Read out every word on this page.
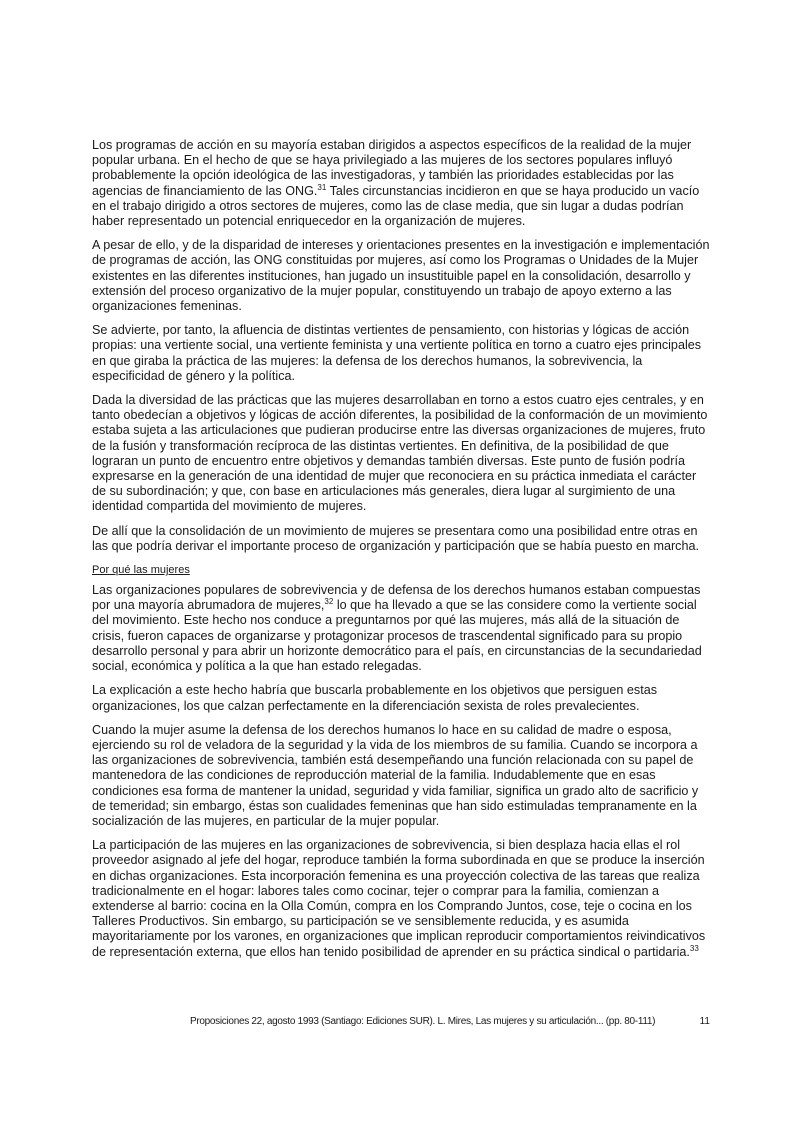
Los programas de acción en su mayoría estaban dirigidos a aspectos específicos de la realidad de la mujer popular urbana. En el hecho de que se haya privilegiado a las mujeres de los sectores populares influyó probablemente la opción ideológica de las investigadoras, y también las prioridades establecidas por las agencias de financiamiento de las ONG.$^{31}$ Tales circunstancias incidieron en que se haya producido un vacío en el trabajo dirigido a otros sectores de mujeres, como las de clase media, que sin lugar a dudas podrían haber representado un potencial enriquecedor en la organización de mujeres.

A pesar de ello, y de la disparidad de intereses y orientaciones presentes en la investigación e implementación de programas de acción, las ONG constituidas por mujeres, así como los Programas o Unidades de la Mujer existentes en las diferentes instituciones, han jugado un insustituible papel en la consolidación, desarrollo y extensión del proceso organizativo de la mujer popular, constituyendo un trabajo de apoyo externo a las organizaciones femeninas.

Se advierte, por tanto, la afluencia de distintas vertientes de pensamiento, con historias y lógicas de acción propias: una vertiente social, una vertiente feminista y una vertiente política en torno a cuatro ejes principales en que giraba la práctica de las mujeres: la defensa de los derechos humanos, la sobrevivencia, la especificidad de género y la política.

Dada la diversidad de las prácticas que las mujeres desarrollaban en torno a estos cuatro ejes centrales, y en tanto obedecían a objetivos y lógicas de acción diferentes, la posibilidad de la conformación de un movimiento estaba sujeta a las articulaciones que pudieran producirse entre las diversas organizaciones de mujeres, fruto de la fusión y transformación recíproca de las distintas vertientes. En definitiva, de la posibilidad de que lograran un punto de encuentro entre objetivos y demandas también diversas. Este punto de fusión podría expresarse en la generación de una identidad de mujer que reconociera en su práctica inmediata el carácter de su subordinación; y que, con base en articulaciones más generales, diera lugar al surgimiento de una identidad compartida del movimiento de mujeres.

De allí que la consolidación de un movimiento de mujeres se presentara como una posibilidad entre otras en las que podría derivar el importante proceso de organización y participación que se había puesto en marcha.

Por qué las mujeres

Las organizaciones populares de sobrevivencia y de defensa de los derechos humanos estaban compuestas por una mayoría abrumadora de mujeres,$^{32}$ lo que ha llevado a que se las considere como la vertiente social del movimiento. Este hecho nos conduce a preguntarnos por qué las mujeres, más allá de la situación de crisis, fueron capaces de organizarse y protagonizar procesos de trascendental significado para su propio desarrollo personal y para abrir un horizonte democrático para el país, en circunstancias de la secundariedad social, económica y política a la que han estado relegadas.

La explicación a este hecho habría que buscarla probablemente en los objetivos que persiguen estas organizaciones, los que calzan perfectamente en la diferenciación sexista de roles prevalecientes.

Cuando la mujer asume la defensa de los derechos humanos lo hace en su calidad de madre o esposa, ejerciendo su rol de veladora de la seguridad y la vida de los miembros de su familia. Cuando se incorpora a las organizaciones de sobrevivencia, también está desempeñando una función relacionada con su papel de mantenedora de las condiciones de reproducción material de la familia. Indudablemente que en esas condiciones esa forma de mantener la unidad, seguridad y vida familiar, significa un grado alto de sacrificio y de temeridad; sin embargo, éstas son cualidades femeninas que han sido estimuladas tempranamente en la socialización de las mujeres, en particular de la mujer popular.

La participación de las mujeres en las organizaciones de sobrevivencia, si bien desplaza hacia ellas el rol proveedor asignado al jefe del hogar, reproduce también la forma subordinada en que se produce la inserción en dichas organizaciones. Esta incorporación femenina es una proyección colectiva de las tareas que realiza tradicionalmente en el hogar: labores tales como cocinar, tejer o comprar para la familia, comienzan a extenderse al barrio: cocina en la Olla Común, compra en los Comprando Juntos, cose, teje o cocina en los Talleres Productivos. Sin embargo, su participación se ve sensiblemente reducida, y es asumida mayoritariamente por los varones, en organizaciones que implican reproducir comportamientos reivindicativos de representación externa, que ellos han tenido posibilidad de aprender en su práctica sindical o partidaria.$^{33}$

Proposiciones 22, agosto 1993 (Santiago: Ediciones SUR). L. Mires, Las mujeres y su articulación... (pp. 80-111)	11
